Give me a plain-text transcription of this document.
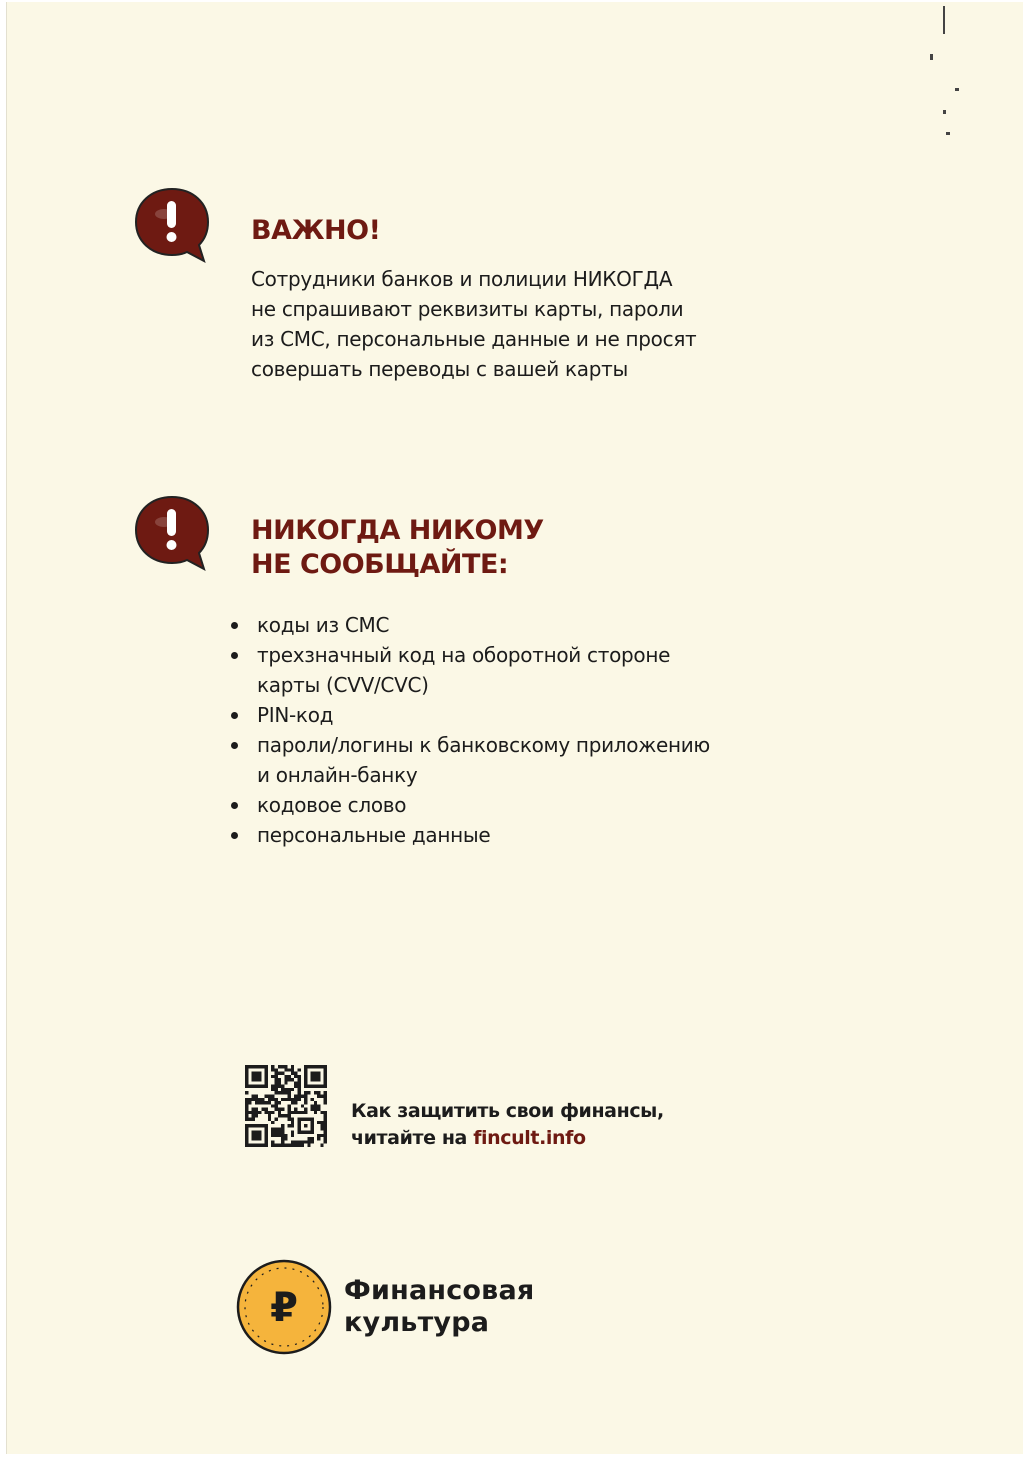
ВАЖНО!
Сотрудники банков и полиции НИКОГДА
не спрашивают реквизиты карты, пароли
из СМС, персональные данные и не просят
совершать переводы с вашей карты
НИКОГДА НИКОМУ
НЕ СООБЩАЙТЕ:
коды из СМС
трехзначный код на оборотной стороне
карты (CVV/CVC)
PIN-код
пароли/логины к банковскому приложению
и онлайн-банку
кодовое слово
персональные данные
Как защитить свои финансы,
читайте на fincult.info
₽ Финансовая
культура
